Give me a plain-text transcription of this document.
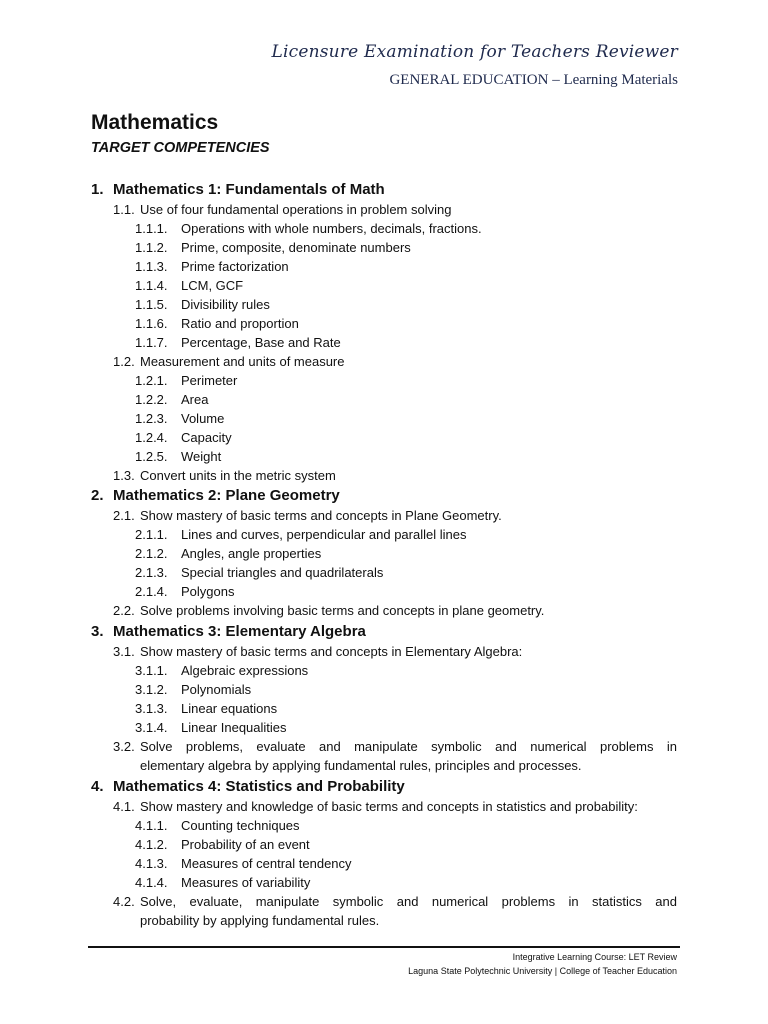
Licensure Examination for Teachers Reviewer
GENERAL EDUCATION – Learning Materials
Mathematics
TARGET COMPETENCIES
1. Mathematics 1: Fundamentals of Math
1.1. Use of four fundamental operations in problem solving
1.1.1. Operations with whole numbers, decimals, fractions.
1.1.2. Prime, composite, denominate numbers
1.1.3. Prime factorization
1.1.4. LCM, GCF
1.1.5. Divisibility rules
1.1.6. Ratio and proportion
1.1.7. Percentage, Base and Rate
1.2. Measurement and units of measure
1.2.1. Perimeter
1.2.2. Area
1.2.3. Volume
1.2.4. Capacity
1.2.5. Weight
1.3. Convert units in the metric system
2. Mathematics 2: Plane Geometry
2.1. Show mastery of basic terms and concepts in Plane Geometry.
2.1.1. Lines and curves, perpendicular and parallel lines
2.1.2. Angles, angle properties
2.1.3. Special triangles and quadrilaterals
2.1.4. Polygons
2.2. Solve problems involving basic terms and concepts in plane geometry.
3. Mathematics 3: Elementary Algebra
3.1. Show mastery of basic terms and concepts in Elementary Algebra:
3.1.1. Algebraic expressions
3.1.2. Polynomials
3.1.3. Linear equations
3.1.4. Linear Inequalities
3.2. Solve problems, evaluate and manipulate symbolic and numerical problems in
elementary algebra by applying fundamental rules, principles and processes.
4. Mathematics 4: Statistics and Probability
4.1. Show mastery and knowledge of basic terms and concepts in statistics and probability:
4.1.1. Counting techniques
4.1.2. Probability of an event
4.1.3. Measures of central tendency
4.1.4. Measures of variability
4.2. Solve, evaluate, manipulate symbolic and numerical problems in statistics and
probability by applying fundamental rules.
Integrative Learning Course: LET Review
Laguna State Polytechnic University | College of Teacher Education
